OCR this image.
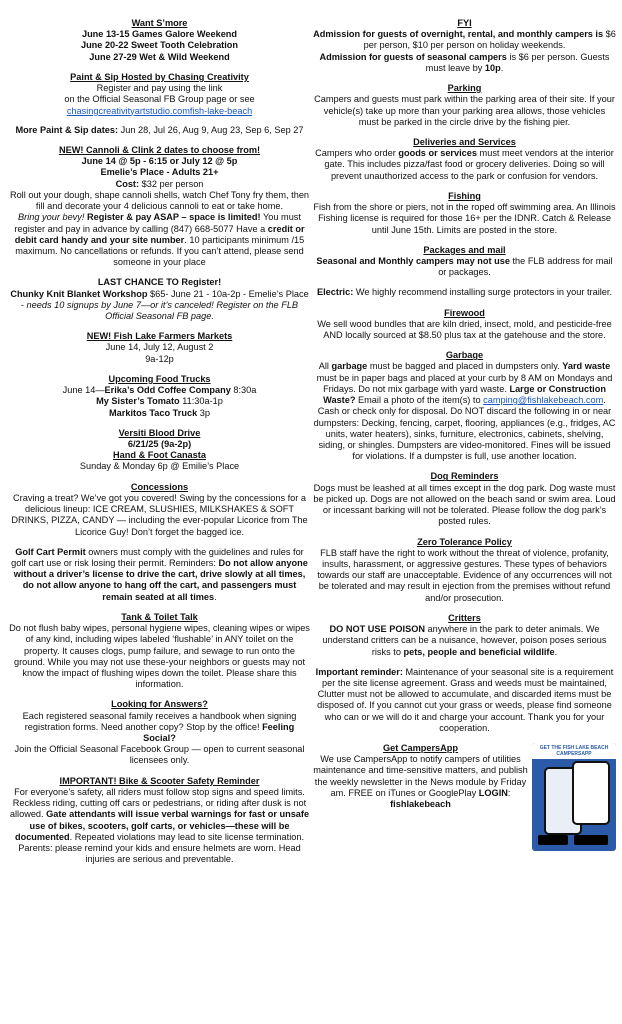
Want S’more
June 13-15 Games Galore Weekend
June 20-22 Sweet Tooth Celebration
June 27-29 Wet & Wild Weekend
Paint & Sip Hosted by Chasing Creativity
Register and pay using the link
on the Official Seasonal FB Group page or see
chasingcreativityartstudio.comfish-lake-beach

More Paint & Sip dates: Jun 28, Jul 26, Aug 9, Aug 23, Sep 6, Sep 27

NEW! Cannoli & Clink 2 dates to choose from!
June 14 @ 5p - 6:15 or July 12 @ 5p
Emelie’s Place - Adults 21+

Cost: $32 per person

Roll out your dough, shape cannoli shells, watch Chef Tony fry them, then fill and decorate your 4 delicious cannoli to eat or take home.

Bring your bevy! Register & pay ASAP – space is limited! You must register and pay in advance by calling (847) 668-5077 Have a credit or debit card handy and your site number. 10 participants minimum /15 maximum. No cancellations or refunds. If you can’t attend, please send someone in your place

LAST CHANCE TO Register!

Chunky Knit Blanket Workshop $65- June 21 - 10a-2p - Emelie’s Place - needs 10 signups by June 7—or it’s canceled! Register on the FLB Official Seasonal FB page.

NEW! Fish Lake Farmers Markets
June 14, July 12, August 2
9a-12p
Upcoming Food Trucks
June 14—Erika’s Odd Coffee Company 8:30a
My Sister’s Tomato 11:30a-1p
Markitos Taco Truck 3p
Versiti Blood Drive
6/21/25 (9a-2p)
Hand & Foot Canasta
Sunday & Monday 6p @ Emilie’s Place
Concessions

Craving a treat? We’ve got you covered! Swing by the concessions for a delicious lineup: ICE CREAM, SLUSHIES, MILKSHAKES & SOFT DRINKS, PIZZA, CANDY — including the ever-popular Licorice from The Licorice Guy! Don’t forget the bagged ice.

Golf Cart Permit owners must comply with the guidelines and rules for golf cart use or risk losing their permit. Reminders: Do not allow anyone without a driver’s license to drive the cart, drive slowly at all times, do not allow anyone to hang off the cart, and passengers must remain seated at all times.

Tank & Toilet Talk

Do not flush baby wipes, personal hygiene wipes, cleaning wipes or wipes of any kind, including wipes labeled ‘flushable’ in ANY toilet on the property. It causes clogs, pump failure, and sewage to run onto the ground. While you may not use these-your neighbors or guests may not know the impact of flushing wipes down the toilet. Please share this information.

Looking for Answers?

Each registered seasonal family receives a handbook when signing registration forms. Need another copy? Stop by the office! Feeling Social?

Join the Official Seasonal Facebook Group — open to current seasonal licensees only.

IMPORTANT! Bike & Scooter Safety Reminder

For everyone’s safety, all riders must follow stop signs and speed limits. Reckless riding, cutting off cars or pedestrians, or riding after dusk is not allowed. Gate attendants will issue verbal warnings for fast or unsafe use of bikes, scooters, golf carts, or vehicles—these will be documented. Repeated violations may lead to site license termination. Parents: please remind your kids and ensure helmets are worn. Head injuries are serious and preventable.

FYI

Admission for guests of overnight, rental, and monthly campers is $6 per person, $10 per person on holiday weekends.

Admission for guests of seasonal campers is $6 per person. Guests must leave by 10p.

Parking

Campers and guests must park within the parking area of their site. If your vehicle(s) take up more than your parking area allows, those vehicles must be parked in the circle drive by the fishing pier.

Deliveries and Services

Campers who order goods or services must meet vendors at the interior gate. This includes pizza/fast food or grocery deliveries. Doing so will prevent unauthorized access to the park or confusion for vendors.

Fishing

Fish from the shore or piers, not in the roped off swimming area. An Illinois Fishing license is required for those 16+ per the IDNR. Catch & Release until June 15th. Limits are posted in the store.

Packages and mail

Seasonal and Monthly campers may not use the FLB address for mail or packages.

Electric: We highly recommend installing surge protectors in your trailer.

Firewood

We sell wood bundles that are kiln dried, insect, mold, and pesticide-free AND locally sourced at $8.50 plus tax at the gatehouse and the store.

Garbage

All garbage must be bagged and placed in dumpsters only. Yard waste must be in paper bags and placed at your curb by 8 AM on Mondays and Fridays. Do not mix garbage with yard waste. Large or Construction Waste? Email a photo of the item(s) to camping@fishlakebeach.com. Cash or check only for disposal. Do NOT discard the following in or near dumpsters: Decking, fencing, carpet, flooring, appliances (e.g., fridges, AC units, water heaters), sinks, furniture, electronics, cabinets, shelving, siding, or shingles. Dumpsters are video-monitored. Fines will be issued for violations. If a dumpster is full, use another location.

Dog Reminders

Dogs must be leashed at all times except in the dog park. Dog waste must be picked up. Dogs are not allowed on the beach sand or swim area. Loud or incessant barking will not be tolerated. Please follow the dog park’s posted rules.

Zero Tolerance Policy

FLB staff have the right to work without the threat of violence, profanity, insults, harassment, or aggressive gestures. These types of behaviors towards our staff are unacceptable. Evidence of any occurrences will not be tolerated and may result in ejection from the premises without refund and/or prosecution.

Critters

DO NOT USE POISON anywhere in the park to deter animals. We understand critters can be a nuisance, however, poison poses serious risks to pets, people and beneficial wildlife.

Important reminder: Maintenance of your seasonal site is a requirement per the site license agreement. Grass and weeds must be maintained, Clutter must not be allowed to accumulate, and discarded items must be disposed of. If you cannot cut your grass or weeds, please find someone who can or we will do it and charge your account. Thank you for your cooperation.

Get CampersApp

We use CampersApp to notify campers of utilities maintenance and time-sensitive matters, and publish the weekly newsletter in the News module by Friday am. FREE on iTunes or GooglePlay LOGIN:

fishlakebeach
GET THE FISH LAKE BEACH CAMPERSAPP
